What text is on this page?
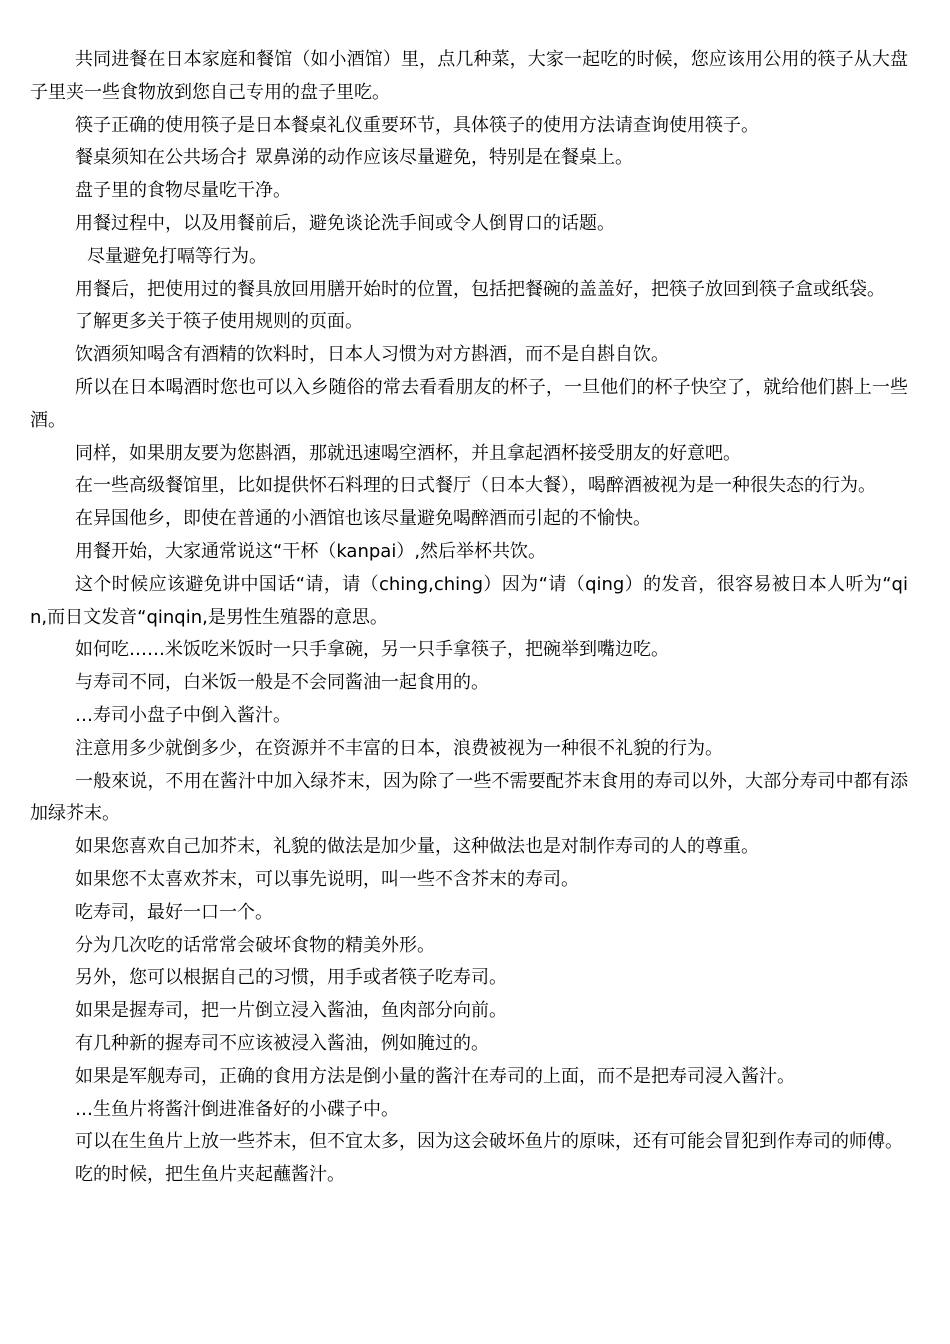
共同进餐在日本家庭和餐馆（如小酒馆）里，点几种菜，大家一起吃的时候，您应该用公用的筷子从大盘子里夹一些食物放到您自己专用的盘子里吃。

筷子正确的使用筷子是日本餐桌礼仪重要环节，具体筷子的使用方法请查询使用筷子。

餐桌须知在公共场合扌眾鼻涕的动作应该尽量避免，特别是在餐桌上。

盘子里的食物尽量吃干净。

用餐过程中，以及用餐前后，避免谈论洗手间或令人倒胃口的话题。

尽量避免打嗝等行为。

用餐后，把使用过的餐具放回用膳开始时的位置，包括把餐碗的盖盖好，把筷子放回到筷子盒或纸袋。

了解更多关于筷子使用规则的页面。

饮酒须知喝含有酒精的饮料时，日本人习惯为对方斟酒，而不是自斟自饮。

所以在日本喝酒时您也可以入乡随俗的常去看看朋友的杯子，一旦他们的杯子快空了，就给他们斟上一些酒。

同样，如果朋友要为您斟酒，那就迅速喝空酒杯，并且拿起酒杯接受朋友的好意吧。

在一些高级餐馆里，比如提供怀石料理的日式餐厅（日本大餐），喝醉酒被视为是一种很失态的行为。

在异国他乡，即使在普通的小酒馆也该尽量避免喝醉酒而引起的不愉快。

用餐开始，大家通常说这“干杯（kanpai）,然后举杯共饮。

这个时候应该避免讲中国话“请，请（ching,ching）因为“请（qing）的发音，很容易被日本人听为“qin,而日文发音“qinqin,是男性生殖器的意思。

如何吃……米饭吃米饭时一只手拿碗，另一只手拿筷子，把碗举到嘴边吃。

与寿司不同，白米饭一般是不会同酱油一起食用的。

…寿司小盘子中倒入酱汁。

注意用多少就倒多少，在资源并不丰富的日本，浪费被视为一种很不礼貌的行为。

一般來说，不用在酱汁中加入绿芥末，因为除了一些不需要配芥末食用的寿司以外，大部分寿司中都有添加绿芥末。

如果您喜欢自己加芥末，礼貌的做法是加少量，这种做法也是对制作寿司的人的尊重。

如果您不太喜欢芥末，可以事先说明，叫一些不含芥末的寿司。

吃寿司，最好一口一个。

分为几次吃的话常常会破坏食物的精美外形。

另外，您可以根据自己的习惯，用手或者筷子吃寿司。

如果是握寿司，把一片倒立浸入酱油，鱼肉部分向前。

有几种新的握寿司不应该被浸入酱油，例如腌过的。

如果是军舰寿司，正确的食用方法是倒小量的酱汁在寿司的上面，而不是把寿司浸入酱汁。

…生鱼片将酱汁倒进准备好的小碟子中。

可以在生鱼片上放一些芥末，但不宜太多，因为这会破坏鱼片的原味，还有可能会冒犯到作寿司的师傅。

吃的时候，把生鱼片夹起蘸酱汁。
